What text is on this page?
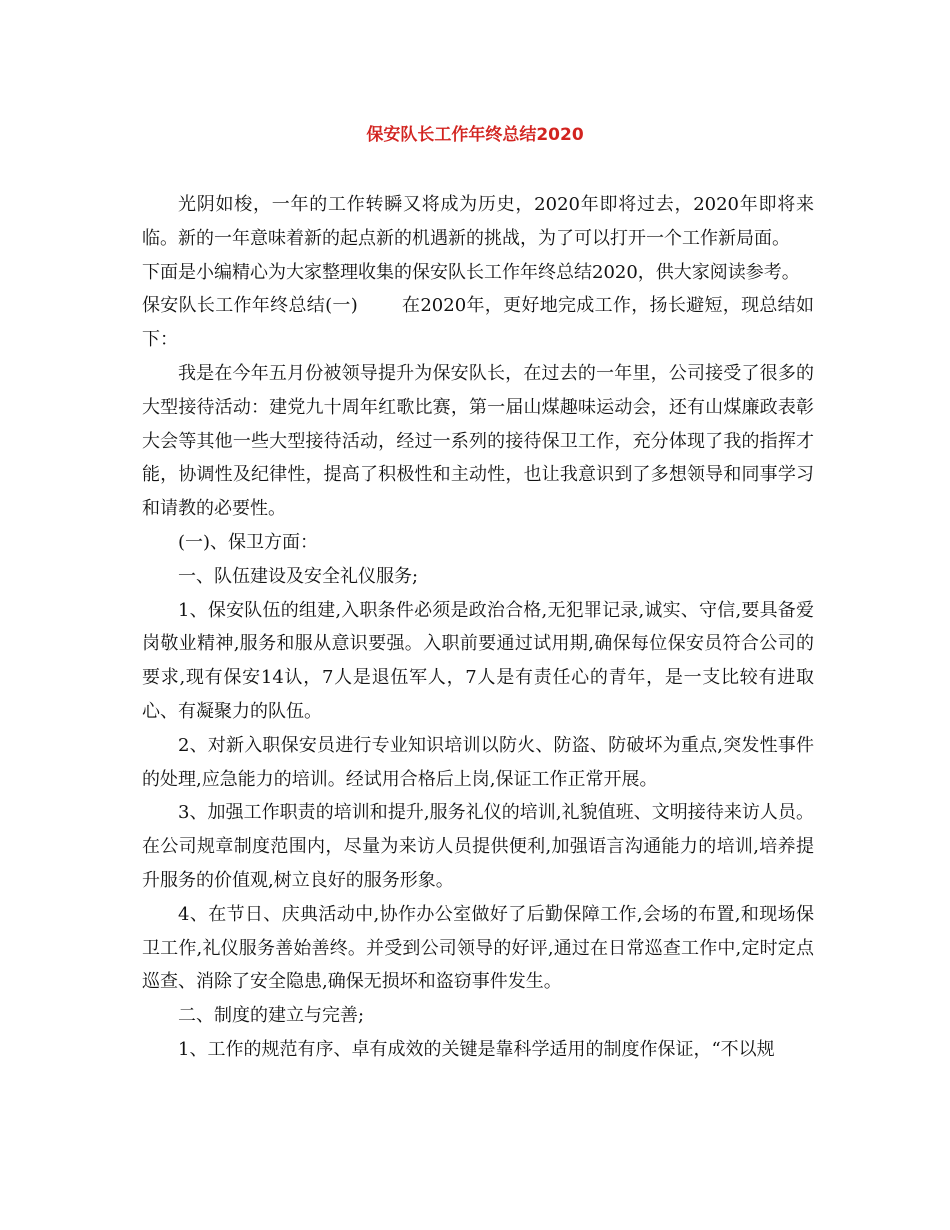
保安队长工作年终总结2020

光阴如梭，一年的工作转瞬又将成为历史，2020年即将过去，2020年即将来临。新的一年意味着新的起点新的机遇新的挑战，为了可以打开一个工作新局面。

下面是小编精心为大家整理收集的保安队长工作年终总结2020，供大家阅读参考。

保安队长工作年终总结(一) 在2020年，更好地完成工作，扬长避短，现总结如下：

我是在今年五月份被领导提升为保安队长，在过去的一年里，公司接受了很多的大型接待活动：建党九十周年红歌比赛，第一届山煤趣味运动会，还有山煤廉政表彰大会等其他一些大型接待活动，经过一系列的接待保卫工作，充分体现了我的指挥才能，协调性及纪律性，提高了积极性和主动性，也让我意识到了多想领导和同事学习和请教的必要性。

(一)、保卫方面：

一、队伍建设及安全礼仪服务;

1、保安队伍的组建,入职条件必须是政治合格,无犯罪记录,诚实、守信,要具备爱岗敬业精神,服务和服从意识要强。入职前要通过试用期,确保每位保安员符合公司的要求,现有保安14认，7人是退伍军人，7人是有责任心的青年，是一支比较有进取心、有凝聚力的队伍。

2、对新入职保安员进行专业知识培训以防火、防盗、防破坏为重点,突发性事件的处理,应急能力的培训。经试用合格后上岗,保证工作正常开展。

3、加强工作职责的培训和提升,服务礼仪的培训,礼貌值班、文明接待来访人员。在公司规章制度范围内，尽量为来访人员提供便利,加强语言沟通能力的培训,培养提升服务的价值观,树立良好的服务形象。

4、在节日、庆典活动中,协作办公室做好了后勤保障工作,会场的布置,和现场保卫工作,礼仪服务善始善终。并受到公司领导的好评,通过在日常巡查工作中,定时定点巡查、消除了安全隐患,确保无损坏和盗窃事件发生。

二、制度的建立与完善;

1、工作的规范有序、卓有成效的关键是靠科学适用的制度作保证，“不以规
